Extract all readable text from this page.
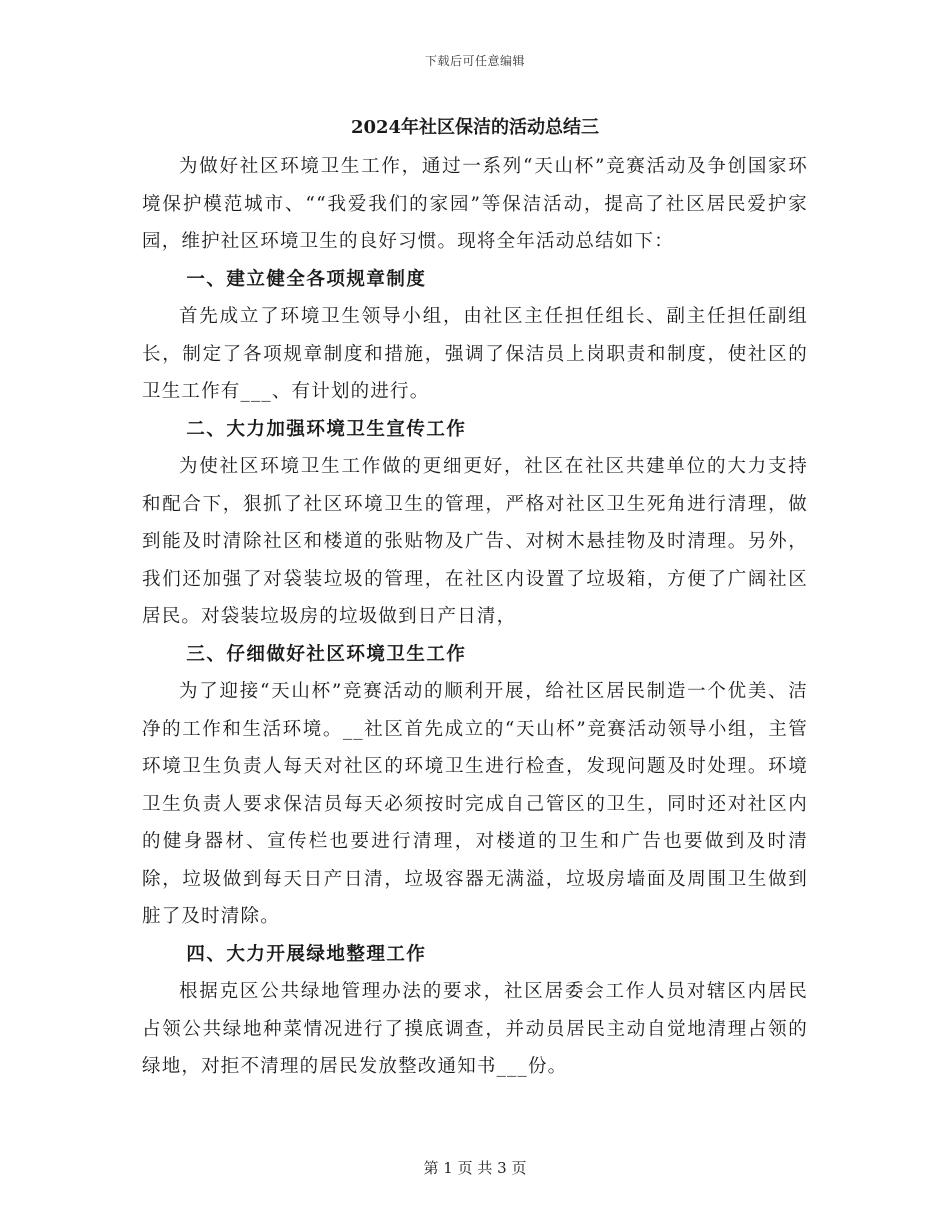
下载后可任意编辑
2024年社区保洁的活动总结三

为做好社区环境卫生工作，通过一系列“天山杯”竞赛活动及争创国家环境保护模范城市、““我爱我们的家园”等保洁活动，提高了社区居民爱护家园，维护社区环境卫生的良好习惯。现将全年活动总结如下：

一、建立健全各项规章制度

首先成立了环境卫生领导小组，由社区主任担任组长、副主任担任副组长，制定了各项规章制度和措施，强调了保洁员上岗职责和制度，使社区的卫生工作有___、有计划的进行。

二、大力加强环境卫生宣传工作

为使社区环境卫生工作做的更细更好，社区在社区共建单位的大力支持和配合下，狠抓了社区环境卫生的管理，严格对社区卫生死角进行清理，做到能及时清除社区和楼道的张贴物及广告、对树木悬挂物及时清理。另外，我们还加强了对袋装垃圾的管理，在社区内设置了垃圾箱，方便了广阔社区居民。对袋装垃圾房的垃圾做到日产日清，

三、仔细做好社区环境卫生工作

为了迎接“天山杯”竞赛活动的顺利开展，给社区居民制造一个优美、洁净的工作和生活环境。__社区首先成立的“天山杯”竞赛活动领导小组，主管环境卫生负责人每天对社区的环境卫生进行检查，发现问题及时处理。环境卫生负责人要求保洁员每天必须按时完成自己管区的卫生，同时还对社区内的健身器材、宣传栏也要进行清理，对楼道的卫生和广告也要做到及时清除，垃圾做到每天日产日清，垃圾容器无满溢，垃圾房墙面及周围卫生做到脏了及时清除。

四、大力开展绿地整理工作

根据克区公共绿地管理办法的要求，社区居委会工作人员对辖区内居民占领公共绿地种菜情况进行了摸底调查，并动员居民主动自觉地清理占领的绿地，对拒不清理的居民发放整改通知书___份。

第 1 页 共 3 页
